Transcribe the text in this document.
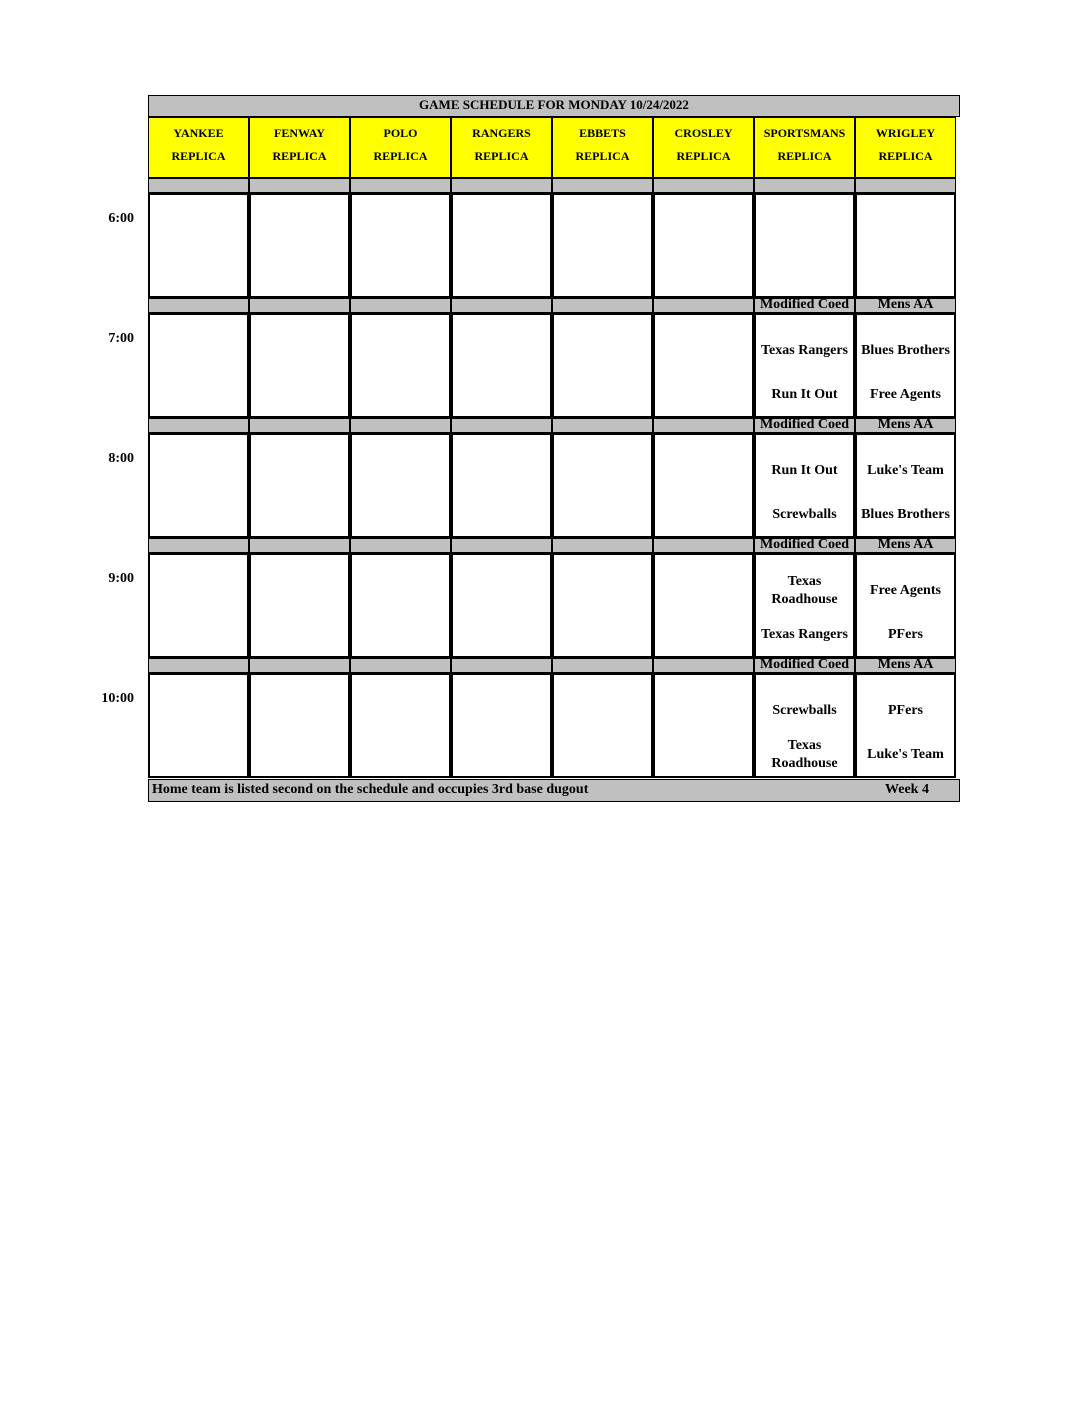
GAME SCHEDULE FOR MONDAY 10/24/2022
YANKEE
REPLICA
FENWAY
REPLICA
POLO
REPLICA
RANGERS
REPLICA
EBBETS
REPLICA
CROSLEY
REPLICA
SPORTSMANS
REPLICA
WRIGLEY
REPLICA
Modified Coed
Texas Rangers
Run It Out
Mens AA
Blues Brothers
Free Agents
Modified Coed
Run It Out
Screwballs
Mens AA
Luke's Team
Blues Brothers
Modified Coed
Texas Roadhouse
Texas Rangers
Mens AA
Free Agents
PFers
Modified Coed
Screwballs
Texas Roadhouse
Mens AA
PFers
Luke's Team
Home team is listed second on the schedule and occupies 3rd base dugout	Week 4
6:00
7:00
8:00
9:00
10:00
